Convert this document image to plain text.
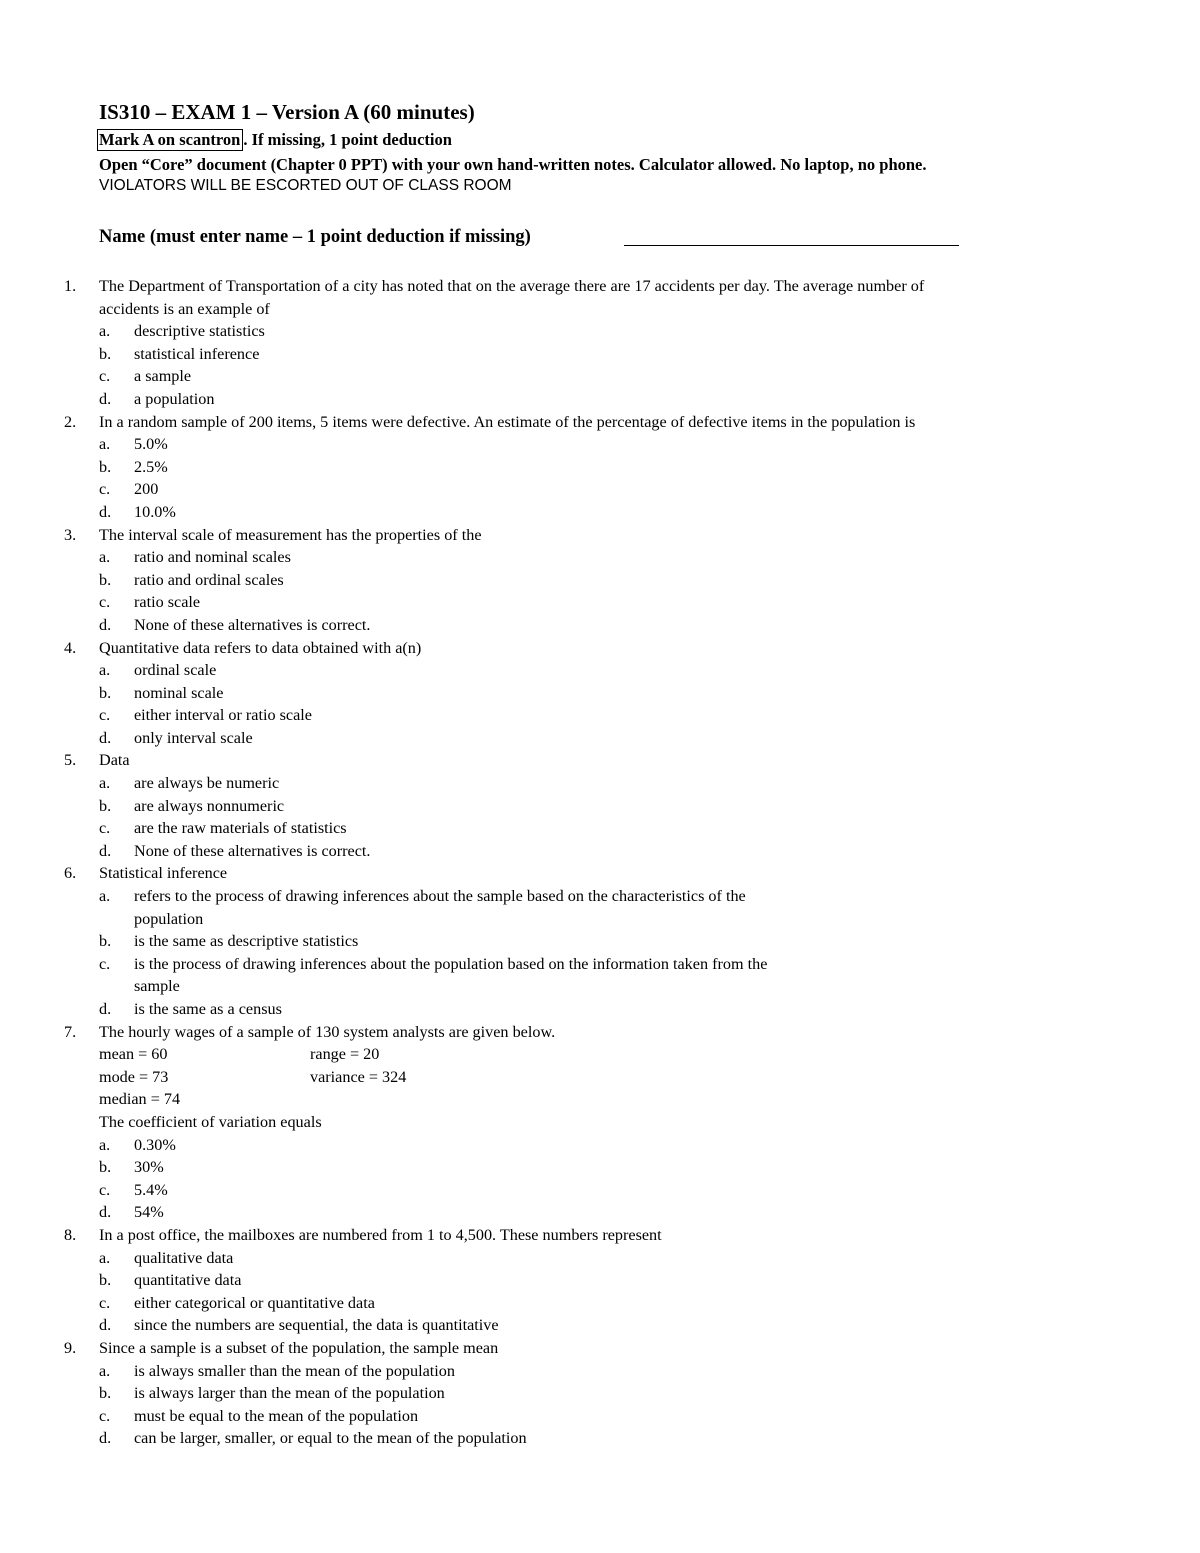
IS310 – EXAM 1 – Version A (60 minutes)
Mark A on scantron . If missing, 1 point deduction
Open “Core” document (Chapter 0 PPT) with your own hand-written notes. Calculator allowed. No laptop, no phone.
VIOLATORS WILL BE ESCORTED OUT OF CLASS ROOM
Name (must enter name – 1 point deduction if missing)
1.	The Department of Transportation of a city has noted that on the average there are 17 accidents per day. The average number of
accidents is an example of
a.	descriptive statistics
b.	statistical inference
c.	a sample
d.	a population
2.	In a random sample of 200 items, 5 items were defective. An estimate of the percentage of defective items in the population is
a.	5.0%
b.	2.5%
c.	200
d.	10.0%
3.	The interval scale of measurement has the properties of the
a.	ratio and nominal scales
b.	ratio and ordinal scales
c.	ratio scale
d.	None of these alternatives is correct.
4.	Quantitative data refers to data obtained with a(n)
a.	ordinal scale
b.	nominal scale
c.	either interval or ratio scale
d.	only interval scale
5.	Data
a.	are always be numeric
b.	are always nonnumeric
c.	are the raw materials of statistics
d.	None of these alternatives is correct.
6.	Statistical inference
a.	refers to the process of drawing inferences about the sample based on the characteristics of the
population
b.	is the same as descriptive statistics
c.	is the process of drawing inferences about the population based on the information taken from the
sample
d.	is the same as a census
7.	The hourly wages of a sample of 130 system analysts are given below.
mean = 60	range = 20
mode = 73	variance = 324
median = 74
The coefficient of variation equals
a.	0.30%
b.	30%
c.	5.4%
d.	54%
8.	In a post office, the mailboxes are numbered from 1 to 4,500. These numbers represent
a.	qualitative data
b.	quantitative data
c.	either categorical or quantitative data
d.	since the numbers are sequential, the data is quantitative
9.	Since a sample is a subset of the population, the sample mean
a.	is always smaller than the mean of the population
b.	is always larger than the mean of the population
c.	must be equal to the mean of the population
d.	can be larger, smaller, or equal to the mean of the population
